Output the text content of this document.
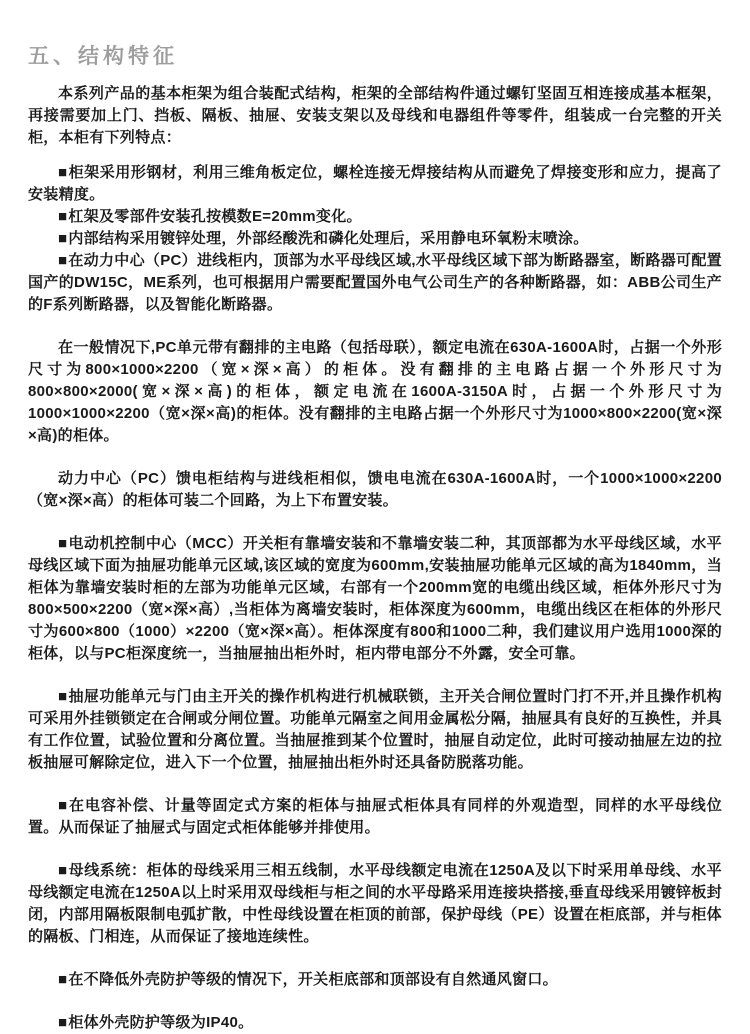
五、结构特征

本系列产品的基本柜架为组合装配式结构，柜架的全部结构件通过螺钉坚固互相连接成基本框架，再接需要加上门、挡板、隔板、抽屉、安装支架以及母线和电器组件等零件，组装成一台完整的开关柜，本柜有下列特点：

■柜架采用形钢材，利用三维角板定位，螺栓连接无焊接结构从而避免了焊接变形和应力，提高了安装精度。

■杠架及零部件安装孔按模数E=20mm变化。

■内部结构采用镀锌处理，外部经酸洗和磷化处理后，采用静电环氧粉末喷涂。

■在动力中心（PC）进线柜内，顶部为水平母线区域,水平母线区域下部为断路器室，断路器可配置国产的DW15C，ME系列，也可根据用户需要配置国外电气公司生产的各种断路器，如：ABB公司生产的F系列断路器，以及智能化断路器。

在一般情况下,PC单元带有翻排的主电路（包括母联），额定电流在630A-1600A时，占据一个外形尺寸为800×1000×2200（宽×深×高）的柜体。没有翻排的主电路占据一个外形尺寸为800×800×2000(宽×深×高)的柜体，额定电流在1600A-3150A时，占据一个外形尺寸为1000×1000×2200（宽×深×高)的柜体。没有翻排的主电路占据一个外形尺寸为1000×800×2200(宽×深×高)的柜体。

动力中心（PC）馈电柜结构与进线柜相似，馈电电流在630A-1600A时，一个1000×1000×2200（宽×深×高）的柜体可装二个回路，为上下布置安装。

■电动机控制中心（MCC）开关柜有靠墙安装和不靠墙安装二种，其顶部都为水平母线区域，水平母线区域下面为抽屉功能单元区域,该区域的宽度为600mm,安装抽屉功能单元区域的高为1840mm，当柜体为靠墙安装时柜的左部为功能单元区域，右部有一个200mm宽的电缆出线区域，柜体外形尺寸为800×500×2200（宽×深×高）,当柜体为离墙安装时，柜体深度为600mm，电缆出线区在柜体的外形尺寸为600×800（1000）×2200（宽×深×高）。柜体深度有800和1000二种，我们建议用户选用1000深的柜体，以与PC柜深度统一，当抽屉抽出柜外时，柜内带电部分不外露，安全可靠。

■抽屉功能单元与门由主开关的操作机构进行机械联锁，主开关合闸位置时门打不开,并且操作机构可采用外挂锁锁定在合闸或分闸位置。功能单元隔室之间用金属松分隔，抽屉具有良好的互换性，并具有工作位置，试验位置和分离位置。当抽屉推到某个位置时，抽屉自动定位，此时可接动抽屉左边的拉板抽屉可解除定位，进入下一个位置，抽屉抽出柜外时还具备防脱落功能。

■在电容补偿、计量等固定式方案的柜体与抽屉式柜体具有同样的外观造型，同样的水平母线位置。从而保证了抽屉式与固定式柜体能够并排使用。

■母线系统：柜体的母线采用三相五线制，水平母线额定电流在1250A及以下时采用单母线、水平母线额定电流在1250A以上时采用双母线柜与柜之间的水平母路采用连接块搭接,垂直母线采用镀锌板封闭，内部用隔板限制电弧扩散，中性母线设置在柜顶的前部，保护母线（PE）设置在柜底部，并与柜体的隔板、门相连，从而保证了接地连续性。

■在不降低外壳防护等级的情况下，开关柜底部和顶部设有自然通风窗口。

■柜体外壳防护等级为IP40。
